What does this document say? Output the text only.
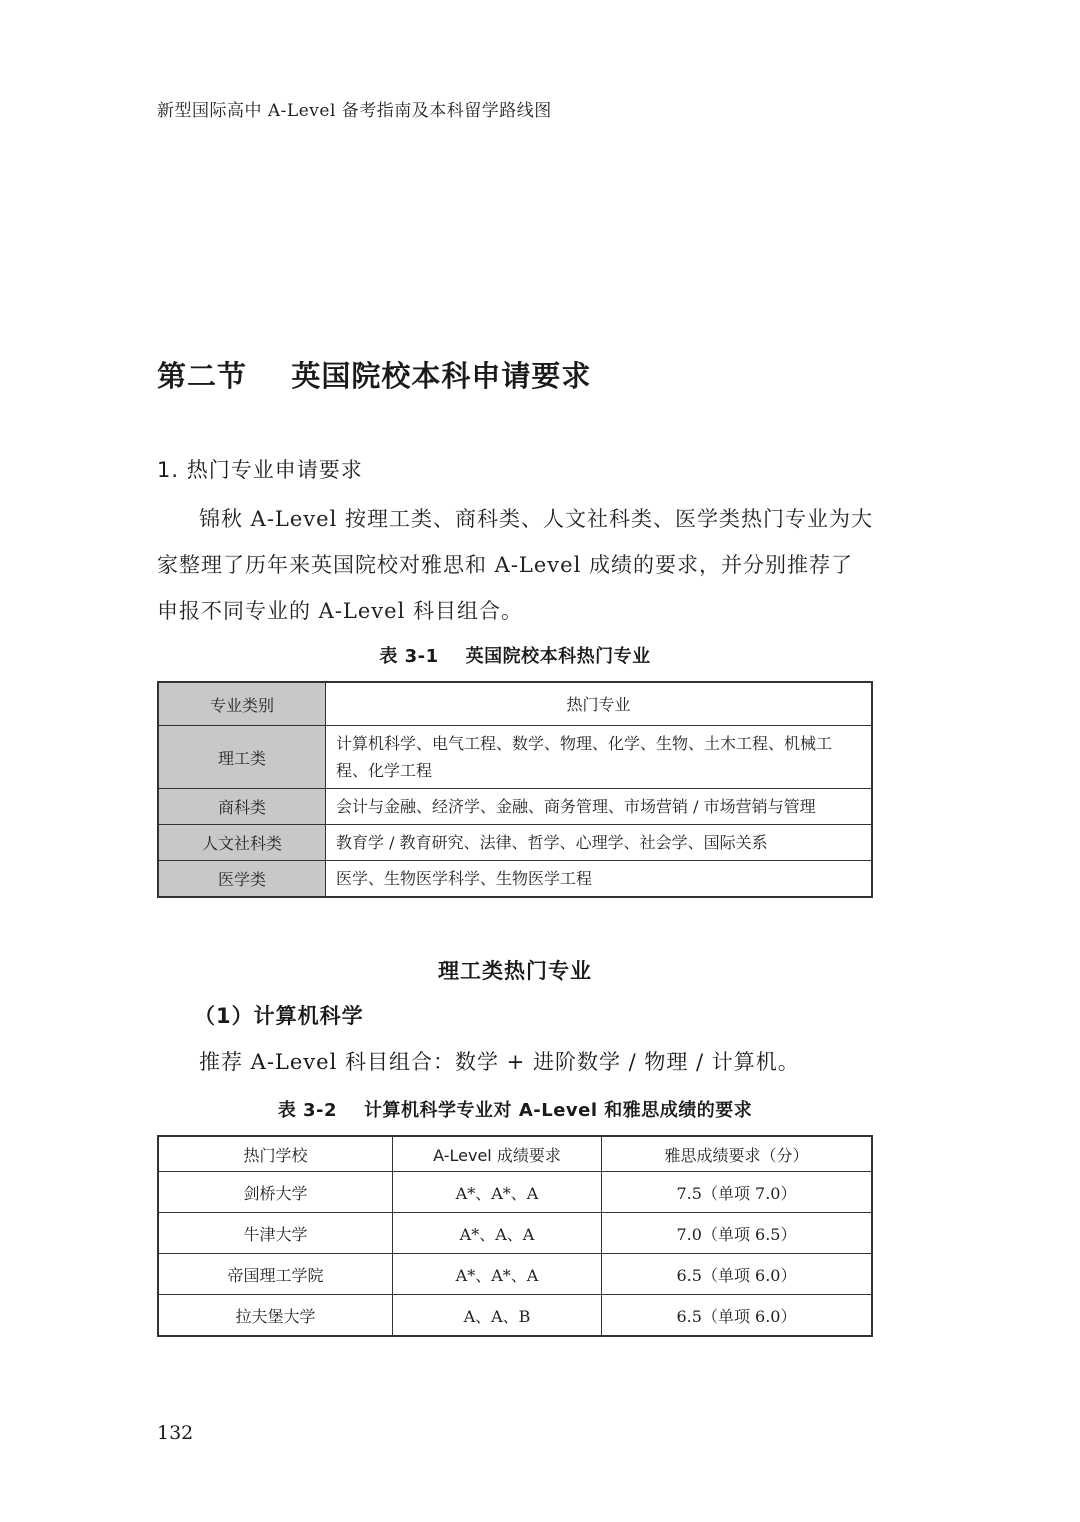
新型国际高中 A-Level 备考指南及本科留学路线图
第二节    英国院校本科申请要求
1. 热门专业申请要求
锦秋 A-Level 按理工类、商科类、人文社科类、医学类热门专业为大家整理了历年来英国院校对雅思和 A-Level 成绩的要求，并分别推荐了申报不同专业的 A-Level 科目组合。
表 3-1    英国院校本科热门专业
专业类别	热门专业
理工类	计算机科学、电气工程、数学、物理、化学、生物、土木工程、机械工程、化学工程
商科类	会计与金融、经济学、金融、商务管理、市场营销 / 市场营销与管理
人文社科类	教育学 / 教育研究、法律、哲学、心理学、社会学、国际关系
医学类	医学、生物医学科学、生物医学工程
理工类热门专业
（1）计算机科学
推荐 A-Level 科目组合：数学 + 进阶数学 / 物理 / 计算机。
表 3-2    计算机科学专业对 A-Level 和雅思成绩的要求
热门学校	A-Level 成绩要求	雅思成绩要求（分）
剑桥大学	A*、A*、A	7.5（单项 7.0）
牛津大学	A*、A、A	7.0（单项 6.5）
帝国理工学院	A*、A*、A	6.5（单项 6.0）
拉夫堡大学	A、A、B	6.5（单项 6.0）
132
